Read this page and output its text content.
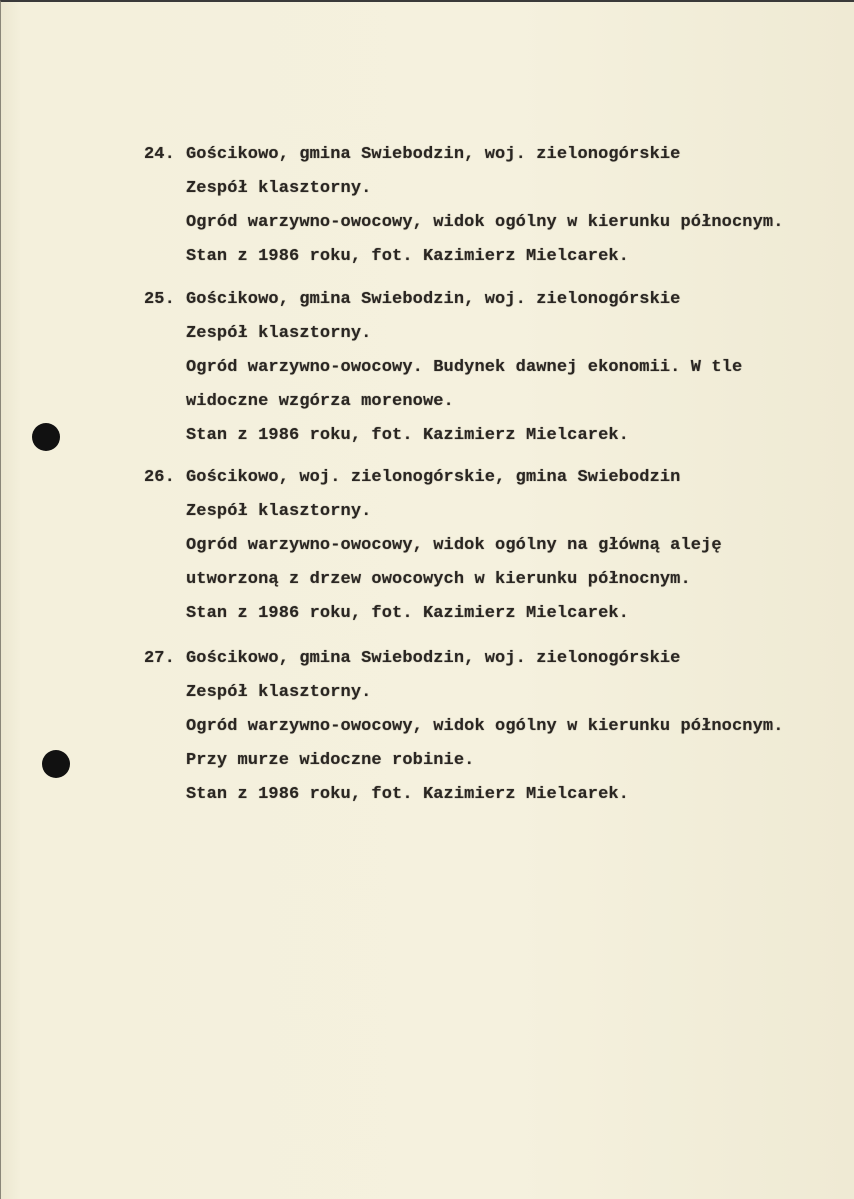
24. Gościkowo, gmina Swiebodzin, woj. zielonogórskie
Zespół klasztorny.
Ogród warzywno-owocowy, widok ogólny w kierunku północnym.
Stan z 1986 roku, fot. Kazimierz Mielcarek.
25. Gościkowo, gmina Swiebodzin, woj. zielonogórskie
Zespół klasztorny.
Ogród warzywno-owocowy. Budynek dawnej ekonomii. W tle
widoczne wzgórza morenowe.
Stan z 1986 roku, fot. Kazimierz Mielcarek.
26. Gościkowo, woj. zielonogórskie, gmina Swiebodzin
Zespół klasztorny.
Ogród warzywno-owocowy, widok ogólny na główną aleję
utworzoną z drzew owocowych w kierunku północnym.
Stan z 1986 roku, fot. Kazimierz Mielcarek.
27. Gościkowo, gmina Swiebodzin, woj. zielonogórskie
Zespół klasztorny.
Ogród warzywno-owocowy, widok ogólny w kierunku północnym.
Przy murze widoczne robinie.
Stan z 1986 roku, fot. Kazimierz Mielcarek.
